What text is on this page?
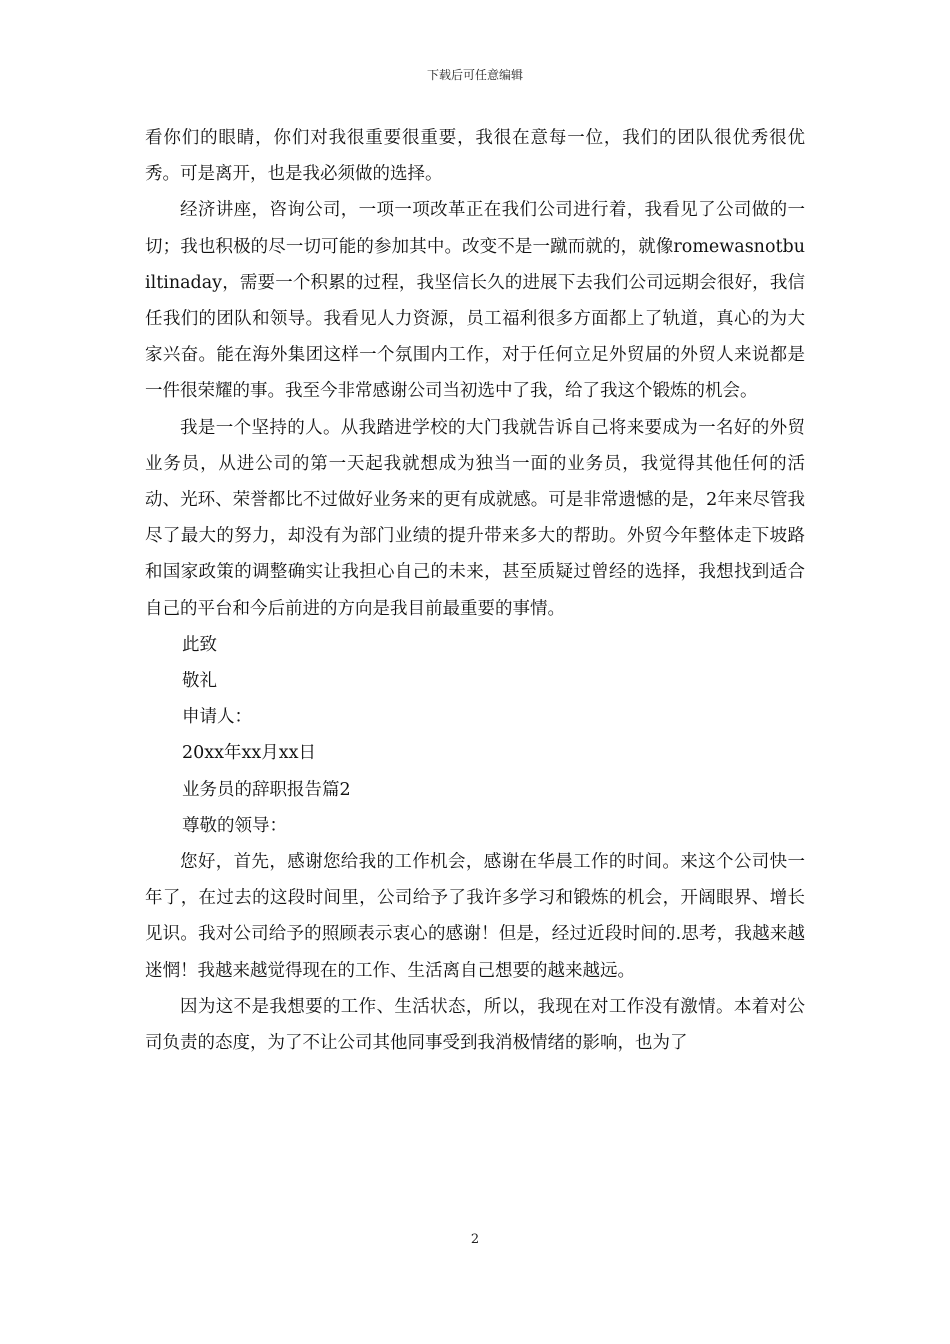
下载后可任意编辑

看你们的眼睛，你们对我很重要很重要，我很在意每一位，我们的团队很优秀很优秀。可是离开，也是我必须做的选择。

经济讲座，咨询公司，一项一项改革正在我们公司进行着，我看见了公司做的一切；我也积极的尽一切可能的参加其中。改变不是一蹴而就的，就像romewasnotbuiltinaday，需要一个积累的过程，我坚信长久的进展下去我们公司远期会很好，我信任我们的团队和领导。我看见人力资源，员工福利很多方面都上了轨道，真心的为大家兴奋。能在海外集团这样一个氛围内工作，对于任何立足外贸届的外贸人来说都是一件很荣耀的事。我至今非常感谢公司当初选中了我，给了我这个锻炼的机会。

我是一个坚持的人。从我踏进学校的大门我就告诉自己将来要成为一名好的外贸业务员，从进公司的第一天起我就想成为独当一面的业务员，我觉得其他任何的活动、光环、荣誉都比不过做好业务来的更有成就感。可是非常遗憾的是，2年来尽管我尽了最大的努力，却没有为部门业绩的提升带来多大的帮助。外贸今年整体走下坡路和国家政策的调整确实让我担心自己的未来，甚至质疑过曾经的选择，我想找到适合自己的平台和今后前进的方向是我目前最重要的事情。

此致

敬礼

申请人：

20xx年xx月xx日

业务员的辞职报告篇2

尊敬的领导：

您好，首先，感谢您给我的工作机会，感谢在华晨工作的时间。来这个公司快一年了，在过去的这段时间里，公司给予了我许多学习和锻炼的机会，开阔眼界、增长见识。我对公司给予的照顾表示衷心的感谢！但是，经过近段时间的.思考，我越来越迷惘！我越来越觉得现在的工作、生活离自己想要的越来越远。

因为这不是我想要的工作、生活状态，所以，我现在对工作没有激情。本着对公司负责的态度，为了不让公司其他同事受到我消极情绪的影响，也为了

2
